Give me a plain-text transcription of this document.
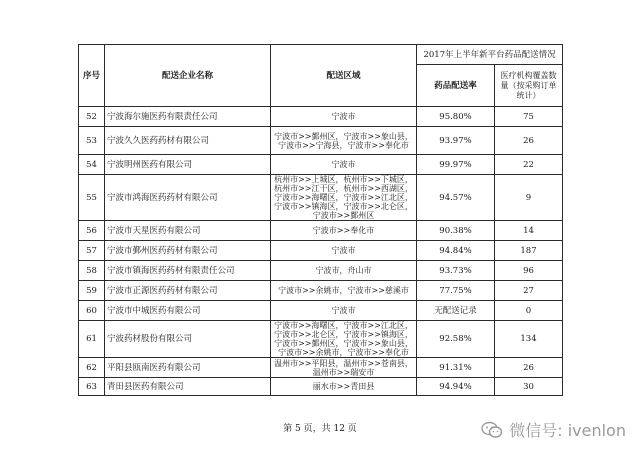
序号	配送企业名称	配送区域	2017年上半年新平台药品配送情况	
			药品配送率	医疗机构覆盖数量（按采购订单统计）
52	宁波海尔施医药有限责任公司	宁波市	95.80%	75
53	宁波久久医药药材有限公司	宁波市>>鄞州区，宁波市>>象山县，宁波市>>宁海县，宁波市>>奉化市	93.97%	26
54	宁波明州医药有限公司	宁波市	99.97%	22
55	宁波市鸿海医药药材有限公司	杭州市>>上城区，杭州市>>下城区，杭州市>>江干区，杭州市>>西湖区，宁波市>>海曙区，宁波市>>江北区，宁波市>>镇海区，宁波市>>北仑区，宁波市>>鄞州区	94.57%	9
56	宁波市天星医药有限公司	宁波市>>奉化市	90.38%	14
57	宁波市鄞州医药药材有限公司	宁波市	94.84%	187
58	宁波市镇海医药药材有限责任公司	宁波市，舟山市	93.73%	96
59	宁波市正源医药药材有限公司	宁波市>>余姚市，宁波市>>慈溪市	77.75%	27
60	宁波市中城医药有限公司	宁波市	无配送记录	0
61	宁波药材股份有限公司	宁波市>>海曙区，宁波市>>江北区，宁波市>>北仑区，宁波市>>镇海区，宁波市>>鄞州区，宁波市>>象山县，宁波市>>余姚市，宁波市>>奉化市	92.58%	134
62	平阳县瓯南医药有限公司	温州市>>平阳县，温州市>>苍南县，温州市>>瑞安市	91.31%	26
63	青田县医药有限公司	丽水市>>青田县	94.94%	30
第 5 页，共 12 页	微信号: ivenlon
